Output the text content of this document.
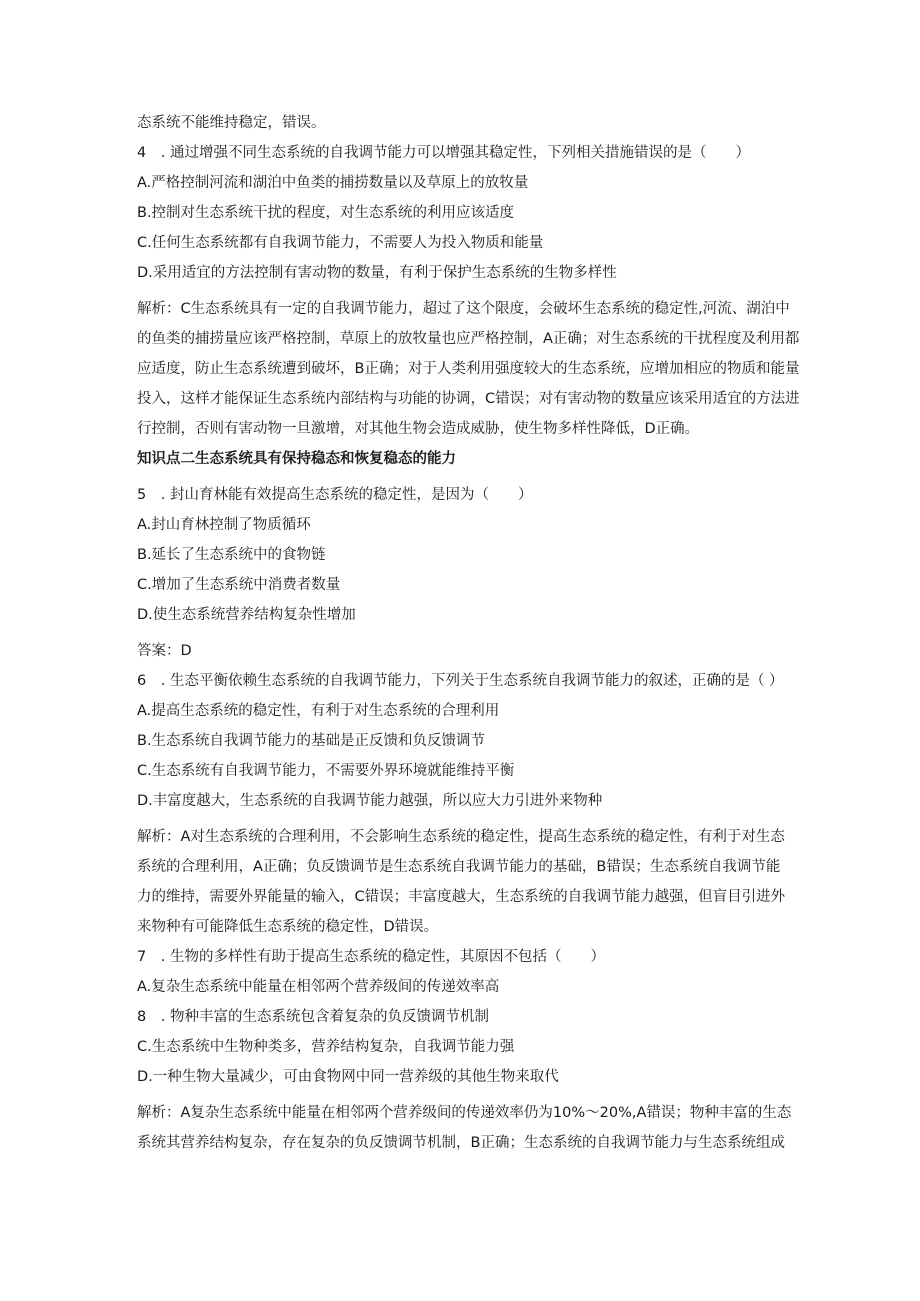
态系统不能维持稳定，错误。
4　. 通过增强不同生态系统的自我调节能力可以增强其稳定性，下列相关措施错误的是（　　）
A.严格控制河流和湖泊中鱼类的捕捞数量以及草原上的放牧量
B.控制对生态系统干扰的程度，对生态系统的利用应该适度
C.任何生态系统都有自我调节能力，不需要人为投入物质和能量
D.采用适宜的方法控制有害动物的数量，有利于保护生态系统的生物多样性
解析：C生态系统具有一定的自我调节能力，超过了这个限度，会破坏生态系统的稳定性,河流、湖泊中
的鱼类的捕捞量应该严格控制，草原上的放牧量也应严格控制，A正确；对生态系统的干扰程度及利用都
应适度，防止生态系统遭到破坏，B正确；对于人类利用强度较大的生态系统，应增加相应的物质和能量
投入，这样才能保证生态系统内部结构与功能的协调，C错误；对有害动物的数量应该采用适宜的方法进
行控制，否则有害动物一旦激增，对其他生物会造成威胁，使生物多样性降低，D正确。
知识点二生态系统具有保持稳态和恢复稳态的能力
5　. 封山育林能有效提高生态系统的稳定性，是因为（　　）
A.封山育林控制了物质循环
B.延长了生态系统中的食物链
C.增加了生态系统中消费者数量
D.使生态系统营养结构复杂性增加
答案：D
6　. 生态平衡依赖生态系统的自我调节能力，下列关于生态系统自我调节能力的叙述，正确的是（ ）
A.提高生态系统的稳定性，有利于对生态系统的合理利用
B.生态系统自我调节能力的基础是正反馈和负反馈调节
C.生态系统有自我调节能力，不需要外界环境就能维持平衡
D.丰富度越大，生态系统的自我调节能力越强，所以应大力引进外来物种
解析：A对生态系统的合理利用，不会影响生态系统的稳定性，提高生态系统的稳定性，有利于对生态
系统的合理利用，A正确；负反馈调节是生态系统自我调节能力的基础，B错误；生态系统自我调节能
力的维持，需要外界能量的输入，C错误；丰富度越大，生态系统的自我调节能力越强，但盲目引进外
来物种有可能降低生态系统的稳定性，D错误。
7　. 生物的多样性有助于提高生态系统的稳定性，其原因不包括（　　）
A.复杂生态系统中能量在相邻两个营养级间的传递效率高
8　. 物种丰富的生态系统包含着复杂的负反馈调节机制
C.生态系统中生物种类多，营养结构复杂，自我调节能力强
D.一种生物大量减少，可由食物网中同一营养级的其他生物来取代
解析：A复杂生态系统中能量在相邻两个营养级间的传递效率仍为10%～20%,A错误；物种丰富的生态
系统其营养结构复杂，存在复杂的负反馈调节机制，B正确；生态系统的自我调节能力与生态系统组成
